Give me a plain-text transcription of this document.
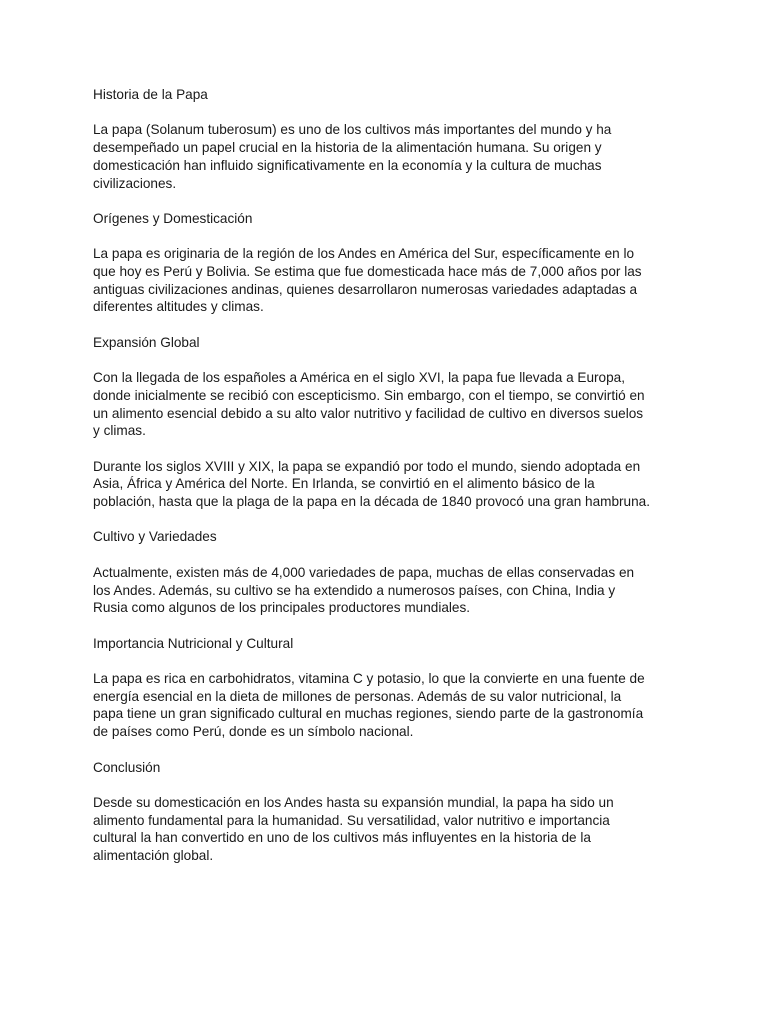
Historia de la Papa
La papa (Solanum tuberosum) es uno de los cultivos más importantes del mundo y ha
desempeñado un papel crucial en la historia de la alimentación humana. Su origen y
domesticación han influido significativamente en la economía y la cultura de muchas
civilizaciones.
Orígenes y Domesticación
La papa es originaria de la región de los Andes en América del Sur, específicamente en lo
que hoy es Perú y Bolivia. Se estima que fue domesticada hace más de 7,000 años por las
antiguas civilizaciones andinas, quienes desarrollaron numerosas variedades adaptadas a
diferentes altitudes y climas.
Expansión Global
Con la llegada de los españoles a América en el siglo XVI, la papa fue llevada a Europa,
donde inicialmente se recibió con escepticismo. Sin embargo, con el tiempo, se convirtió en
un alimento esencial debido a su alto valor nutritivo y facilidad de cultivo en diversos suelos
y climas.
Durante los siglos XVIII y XIX, la papa se expandió por todo el mundo, siendo adoptada en
Asia, África y América del Norte. En Irlanda, se convirtió en el alimento básico de la
población, hasta que la plaga de la papa en la década de 1840 provocó una gran hambruna.
Cultivo y Variedades
Actualmente, existen más de 4,000 variedades de papa, muchas de ellas conservadas en
los Andes. Además, su cultivo se ha extendido a numerosos países, con China, India y
Rusia como algunos de los principales productores mundiales.
Importancia Nutricional y Cultural
La papa es rica en carbohidratos, vitamina C y potasio, lo que la convierte en una fuente de
energía esencial en la dieta de millones de personas. Además de su valor nutricional, la
papa tiene un gran significado cultural en muchas regiones, siendo parte de la gastronomía
de países como Perú, donde es un símbolo nacional.
Conclusión
Desde su domesticación en los Andes hasta su expansión mundial, la papa ha sido un
alimento fundamental para la humanidad. Su versatilidad, valor nutritivo e importancia
cultural la han convertido en uno de los cultivos más influyentes en la historia de la
alimentación global.
